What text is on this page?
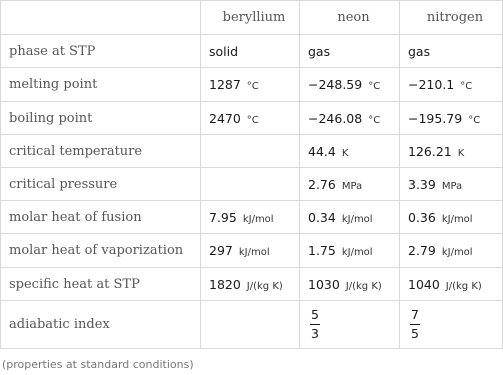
	beryllium	neon	nitrogen
phase at STP	solid	gas	gas
melting point	1287 °C	−248.59 °C	−210.1 °C
boiling point	2470 °C	−246.08 °C	−195.79 °C
critical temperature		44.4 K	126.21 K
critical pressure		2.76 MPa	3.39 MPa
molar heat of fusion	7.95 kJ/mol	0.34 kJ/mol	0.36 kJ/mol
molar heat of vaporization	297 kJ/mol	1.75 kJ/mol	2.79 kJ/mol
specific heat at STP	1820 J/(kg K)	1030 J/(kg K)	1040 J/(kg K)
adiabatic index		$\frac{5}{3}$	$\frac{7}{5}$
(properties at standard conditions)
